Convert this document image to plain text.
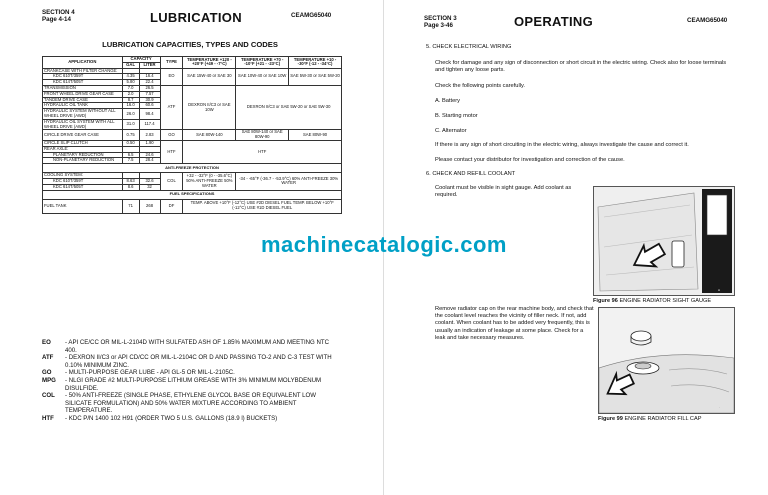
SECTION 4
Page 4-14	LUBRICATION	CEAMG65040
LUBRICATION CAPACITIES, TYPES AND CODES
APPLICATION	CAPACITY		TYPE	TEMPERATURE +120 - +20°F (+49 - -7°C)	TEMPERATURE +70 - -10°F (+21 - -23°C)	TEMPERATURE +10 - -30°F (-12 - -34°C)
	GAL	LITER				
CRANKCASE WITH FILTER CHANGE:			EO	SAE 15W-40 or SAE 30	SAE 10W-40 or SAE 10W	SAE 5W-30 or SAE 5W-20
KDC 610T/359T	4.35	16.4				
KDC 614T/505T	5.80	22.4				
TRANSMISSION	7.0	26.5	ATF	DEXRON II/C3 or SAE 10W	DEXRON II/C3 or SAE 5W-20 or SAE 5W-30	
FRONT WHEEL DRIVE GEAR CASE	2.0	7.57				
TANDEM DRIVE CASE	8.7	30.9				
HYDRAULIC OIL TANK	16.0	60.6				
HYDRAULIC SYSTEM WITHOUT ALL WHEEL DRIVE (AWD)	26.0	98.4				
HYDRAULIC OIL SYSTEM WITH ALL WHEEL DRIVE (AWD)	31.0	117.4				
CIRCLE DRIVE GEAR CASE	0.75	2.83	GO	SAE 80W-140	SAE 80W-140 or SAE 80W-90	SAE 80W-90
CIRCLE SLIP CLUTCH	0.50	1.90	HTF	HTF		
REAR AXLE:						
PLANETARY REDUCTION	6.5	24.6				
NON-PLANETARY REDUCTION	7.5	28.4				
ANTI-FREEZE PROTECTION						
COOLING SYSTEM:			COL	+32 - -32°F (0 - -35.6°C) 50% ANTI-FREEZE 50% WATER	-34 - -65°F (-36.7 - -53.9°C) 60% ANTI-FREEZE 30% WATER	
KDC 610T/359T	8.63	32.6				
KDC 614T/505T	8.6	32				
FUEL SPECIFICATIONS						
FUEL TANK	71	268	DF	TEMP. ABOVE +10°F (-12°C) USE #2D DIESEL FUEL TEMP. BELOW +10°F (-12°C) USE #1D DIESEL FUEL		
EO	- API CE/CC OR MIL-L-2104D WITH SULFATED ASH OF 1.85% MAXIMUM AND MEETING NTC 400.
ATF	- DEXRON II/C3 or API CD/CC OR MIL-L-2104C OR D AND PASSING TO-2 AND C-3 TEST WITH 0.10% MINIMUM ZINC.
GO	- MULTI-PURPOSE GEAR LUBE - API GL-5 OR MIL-L-2105C.
MPG	- NLGI GRADE #2 MULTI-PURPOSE LITHIUM GREASE WITH 3% MINIMUM MOLYBDENUM DISULFIDE.
COL	- 50% ANTI-FREEZE (SINGLE PHASE, ETHYLENE GLYCOL BASE OR EQUIVALENT LOW SILICATE FORMULATION) AND 50% WATER MIXTURE ACCORDING TO AMBIENT TEMPERATURE.
HTF	- KDC P/N 1400 102 H91 (ORDER TWO 5 U.S. GALLONS (18.9 l) BUCKETS)
SECTION 3
Page 3-46	OPERATING	CEAMG65040
5. CHECK ELECTRICAL WIRING
Check for damage and any sign of disconnection or short circuit in the electric wiring. Check also for loose terminals and tighten any loose parts.
Check the following points carefully.
A. Battery
B. Starting motor
C. Alternator
If there is any sign of short circuiting in the electric wiring, always investigate the cause and correct it.
Please contact your distributor for investigation and correction of the cause.
6. CHECK AND REFILL COOLANT
Coolant must be visible in sight gauge. Add coolant as required.
A
Figure 96 ENGINE RADIATOR SIGHT GAUGE
Remove radiator cap on the rear machine body, and check that the coolant level reaches the vicinity of filler neck. If not, add coolant. When coolant has to be added very frequently, this is usually an indication of leakage at some place. Check for a leak and take necessary measures.
·
Figure 99 ENGINE RADIATOR FILL CAP
machinecatalogic.com
